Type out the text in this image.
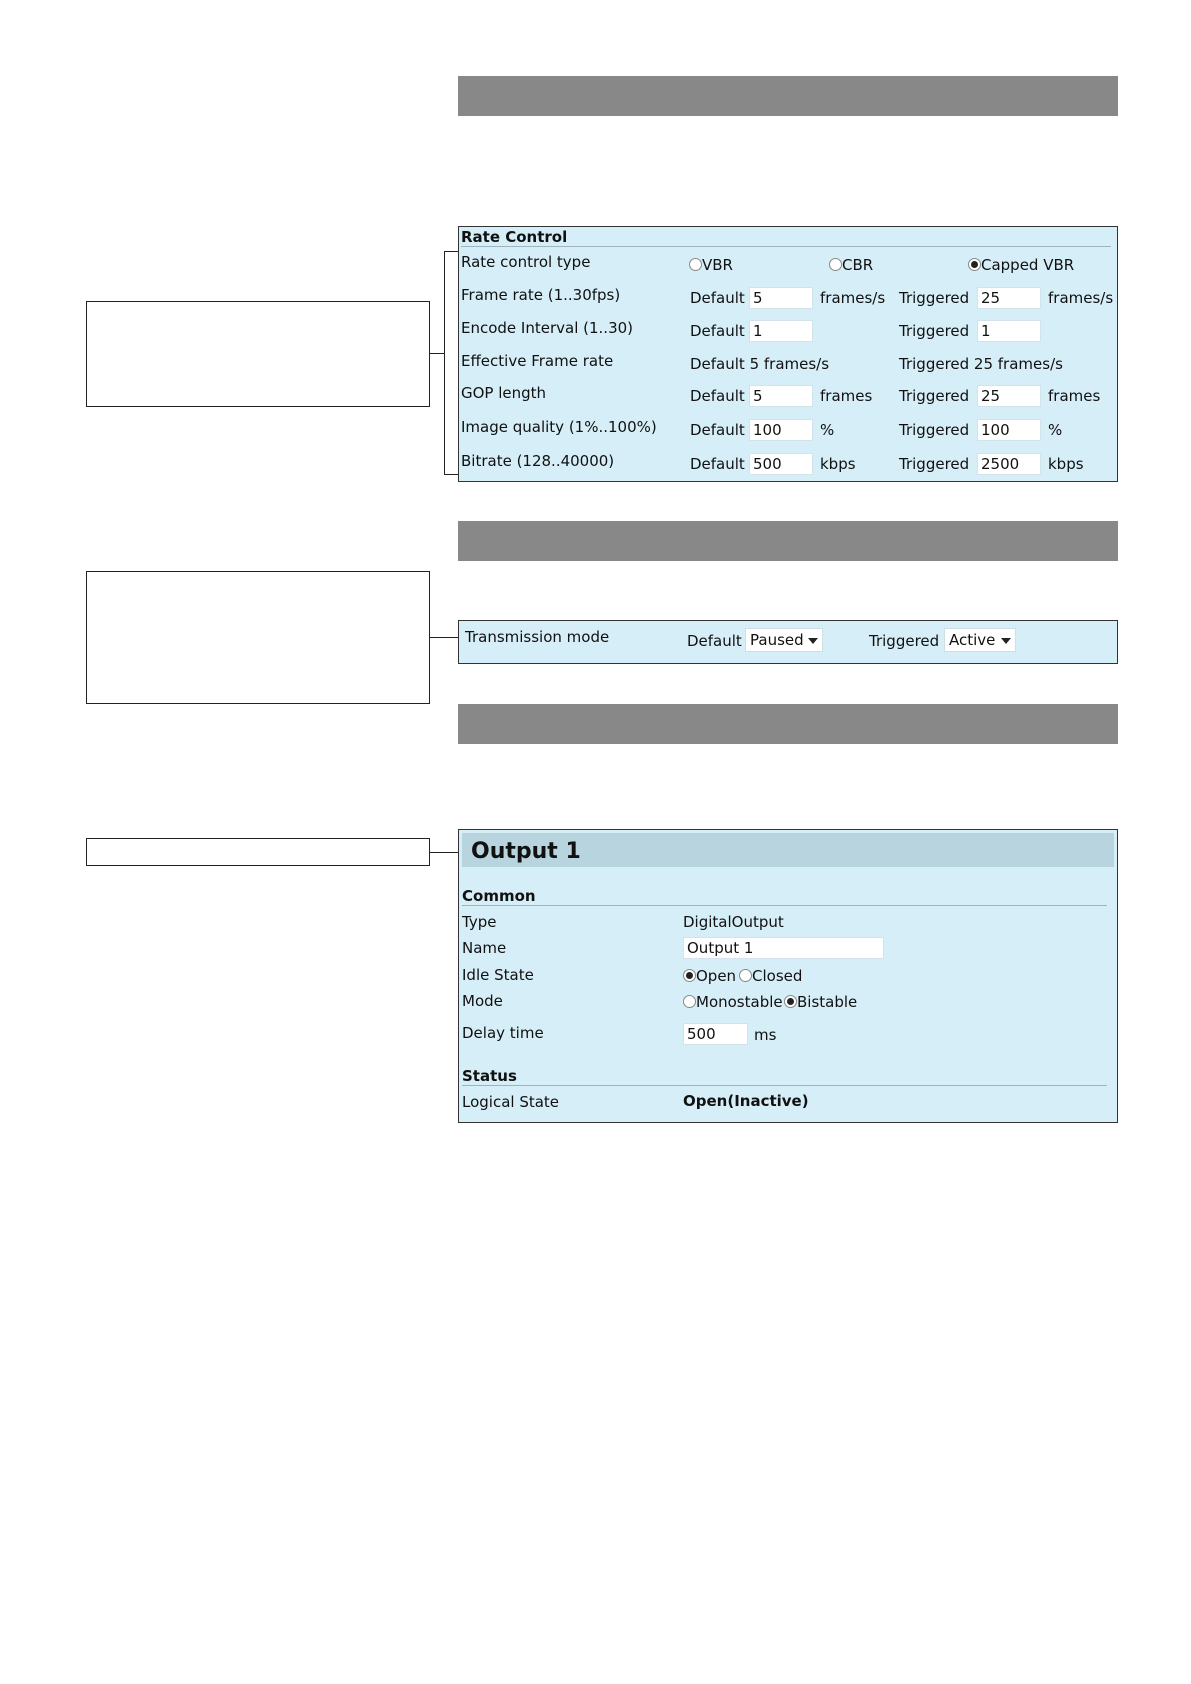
Rate Control
Rate control type	VBR	CBR	Capped VBR
Frame rate (1..30fps)	Default 5	frames/s Triggered 25	frames/s
Encode Interval (1..30)	Default 1	Triggered 1
Effective Frame rate	Default 5 frames/s	Triggered 25 frames/s
GOP length	Default 5	frames Triggered 25	frames
Image quality (1%..100%) Default 100	%	Triggered 100	%
Bitrate (128..40000)	Default 500	kbps	Triggered 2500	kbps
Transmission mode	Default Paused	Triggered Active
Output 1
Common
Type	DigitalOutput
Name	Output 1
Idle State	Open	Closed
Mode	Monostable Bistable
Delay time	500	ms
Status
Logical State	Open(Inactive)
